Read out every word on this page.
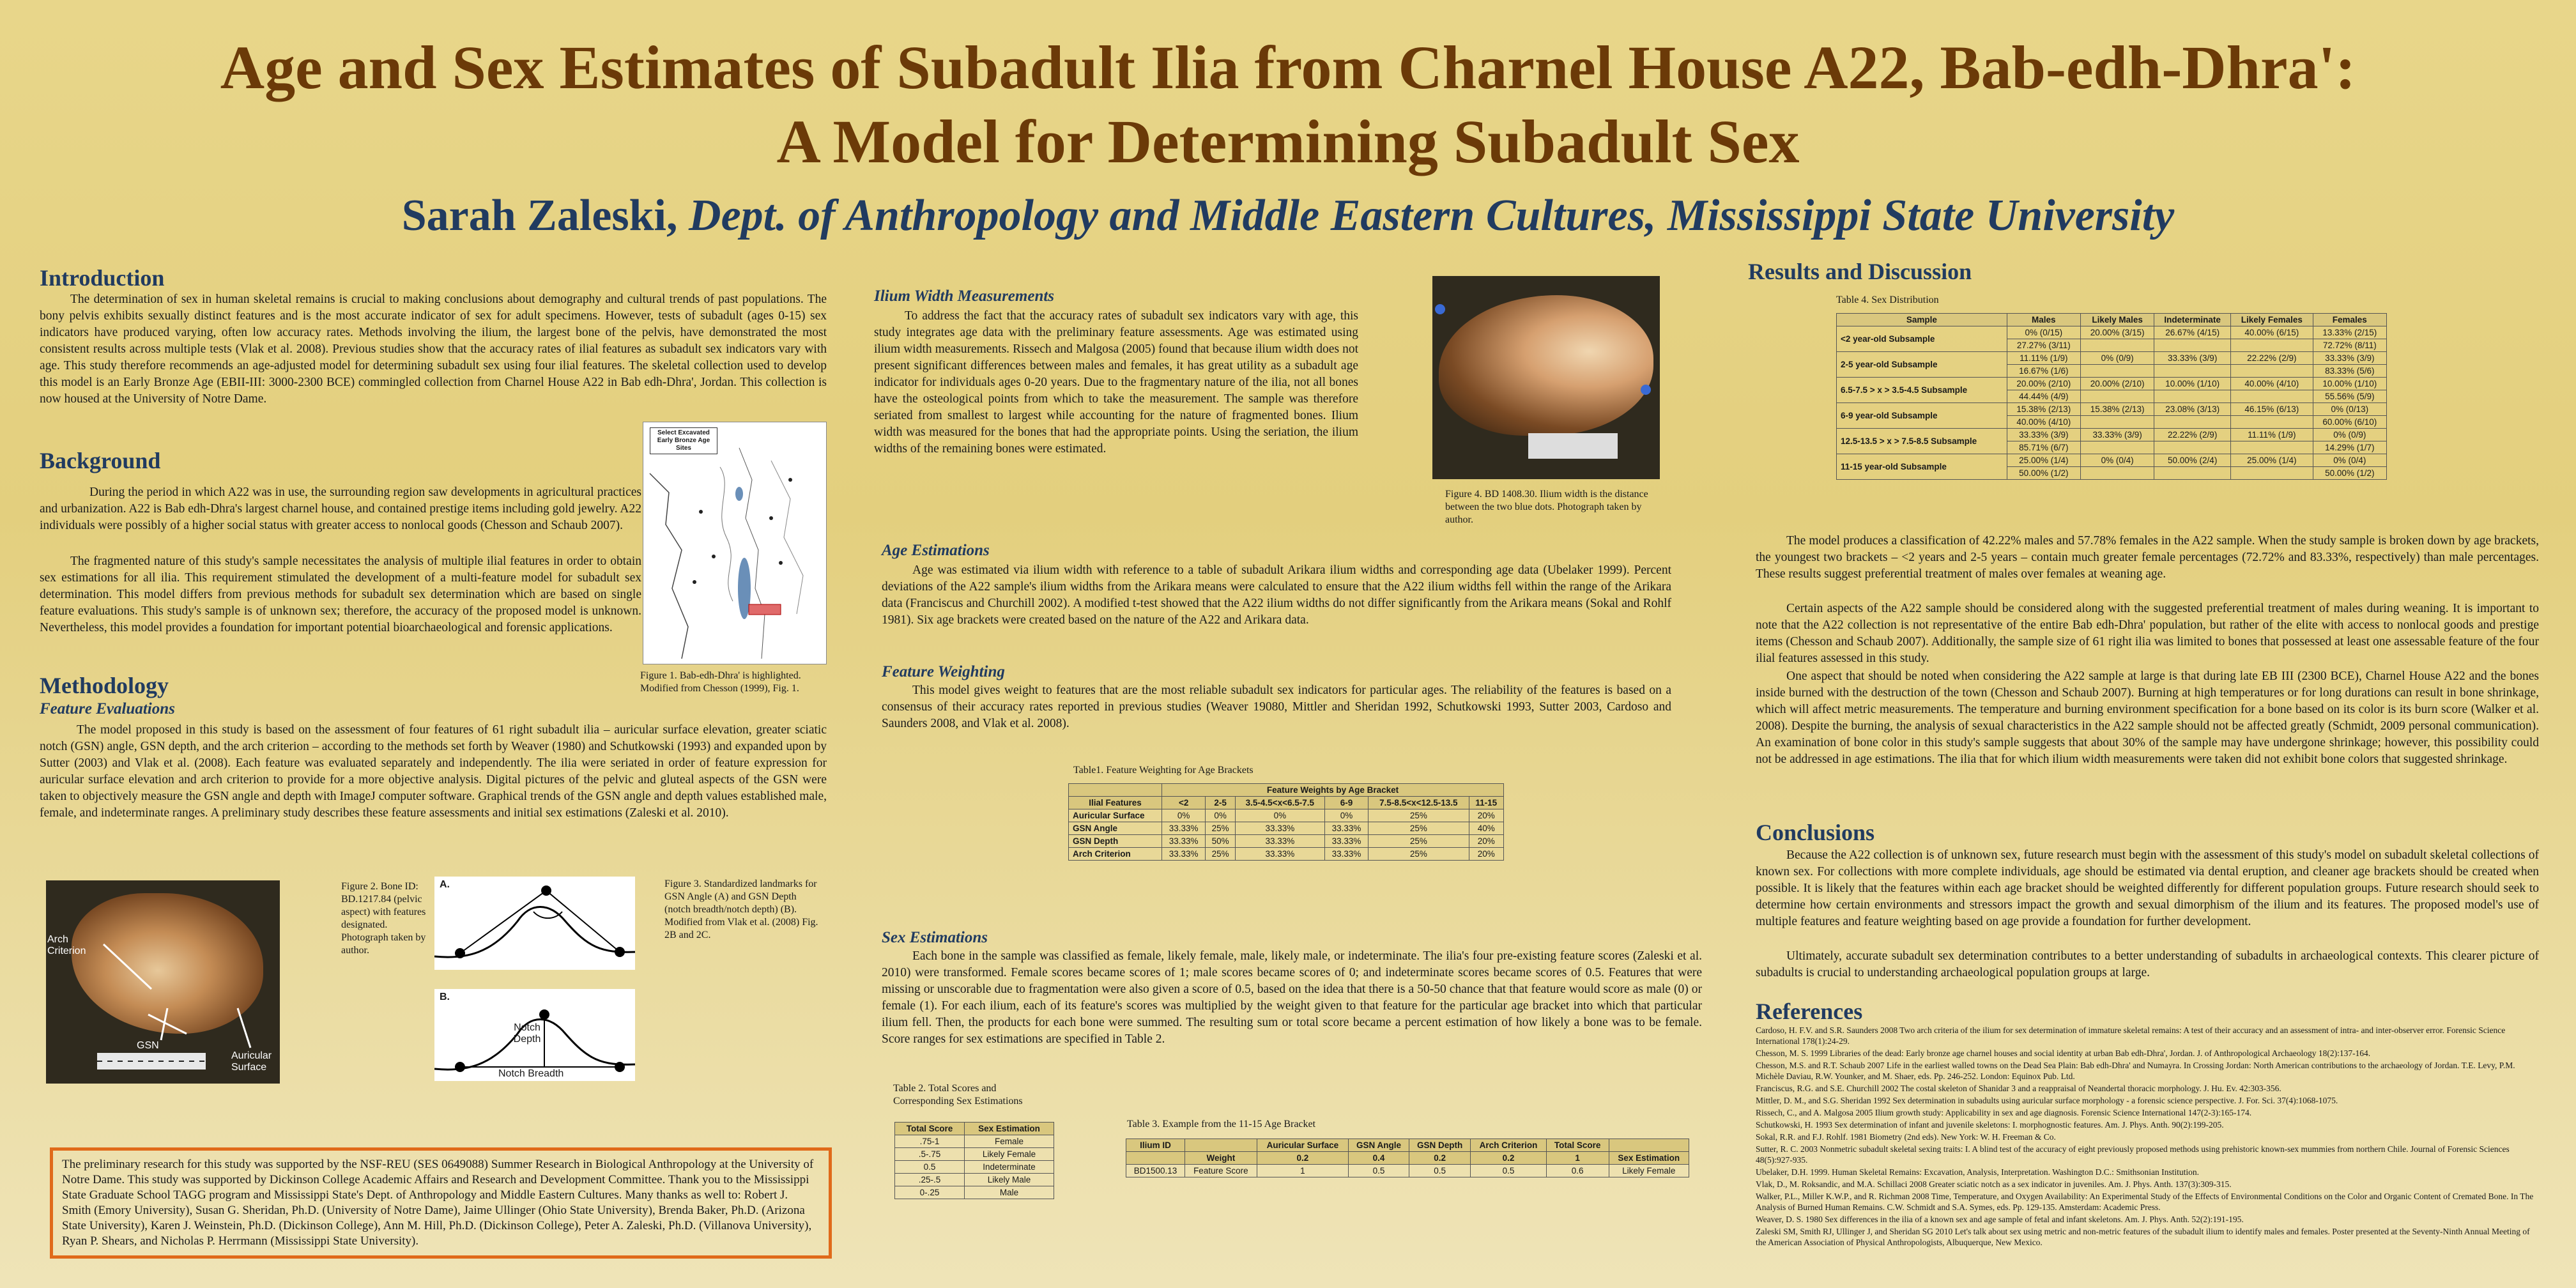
Age and Sex Estimates of Subadult Ilia from Charnel House A22, Bab-edh-Dhra':
A Model for Determining Subadult Sex
Sarah Zaleski, Dept. of Anthropology and Middle Eastern Cultures, Mississippi State University
Introduction

The determination of sex in human skeletal remains is crucial to making conclusions about demography and cultural trends of past populations. The bony pelvis exhibits sexually distinct features and is the most accurate indicator of sex for adult specimens. However, tests of subadult (ages 0-15) sex indicators have produced varying, often low accuracy rates. Methods involving the ilium, the largest bone of the pelvis, have demonstrated the most consistent results across multiple tests (Vlak et al. 2008). Previous studies show that the accuracy rates of ilial features as subadult sex indicators vary with age. This study therefore recommends an age-adjusted model for determining subadult sex using four ilial features. The skeletal collection used to develop this model is an Early Bronze Age (EBII-III: 3000-2300 BCE) commingled collection from Charnel House A22 in Bab edh-Dhra', Jordan. This collection is now housed at the University of Notre Dame.

Background

During the period in which A22 was in use, the surrounding region saw developments in agricultural practices and urbanization. A22 is Bab edh-Dhra's largest charnel house, and contained prestige items including gold jewelry. A22 individuals were possibly of a higher social status with greater access to nonlocal goods (Chesson and Schaub 2007).

The fragmented nature of this study's sample necessitates the analysis of multiple ilial features in order to obtain sex estimations for all ilia. This requirement stimulated the development of a multi-feature model for subadult sex determination. This model differs from previous methods for subadult sex determination which are based on single feature evaluations. This study's sample is of unknown sex; therefore, the accuracy of the proposed model is unknown. Nevertheless, this model provides a foundation for important potential bioarchaeological and forensic applications.

Select Excavated Early Bronze Age Sites
Figure 1. Bab-edh-Dhra' is highlighted. Modified from Chesson (1999), Fig. 1.
Methodology
Feature Evaluations

The model proposed in this study is based on the assessment of four features of 61 right subadult ilia – auricular surface elevation, greater sciatic notch (GSN) angle, GSN depth, and the arch criterion – according to the methods set forth by Weaver (1980) and Schutkowski (1993) and expanded upon by Sutter (2003) and Vlak et al. (2008). Each feature was evaluated separately and independently. The ilia were seriated in order of feature expression for auricular surface elevation and arch criterion to provide for a more objective analysis. Digital pictures of the pelvic and gluteal aspects of the GSN were taken to objectively measure the GSN angle and depth with ImageJ computer software. Graphical trends of the GSN angle and depth values established male, female, and indeterminate ranges. A preliminary study describes these feature assessments and initial sex estimations (Zaleski et al. 2010).

Arch Criterion
GSN
Auricular Surface
Figure 2. Bone ID: BD.1217.84 (pelvic aspect) with features designated. Photograph taken by author.
A.
B.
Notch Depth
Notch Breadth
Figure 3. Standardized landmarks for GSN Angle (A) and GSN Depth (notch breadth/notch depth) (B). Modified from Vlak et al. (2008) Fig. 2B and 2C.
The preliminary research for this study was supported by the NSF-REU (SES 0649088) Summer Research in Biological Anthropology at the University of Notre Dame. This study was supported by Dickinson College Academic Affairs and Research and Development Committee. Thank you to the Mississippi State Graduate School TAGG program and Mississippi State's Dept. of Anthropology and Middle Eastern Cultures. Many thanks as well to: Robert J. Smith (Emory University), Susan G. Sheridan, Ph.D. (University of Notre Dame), Jaime Ullinger (Ohio State University), Brenda Baker, Ph.D. (Arizona State University), Karen J. Weinstein, Ph.D. (Dickinson College), Ann M. Hill, Ph.D. (Dickinson College), Peter A. Zaleski, Ph.D. (Villanova University), Ryan P. Shears, and Nicholas P. Herrmann (Mississippi State University).
Ilium Width Measurements

To address the fact that the accuracy rates of subadult sex indicators vary with age, this study integrates age data with the preliminary feature assessments. Age was estimated using ilium width measurements. Rissech and Malgosa (2005) found that because ilium width does not present significant differences between males and females, it has great utility as a subadult age indicator for individuals ages 0-20 years. Due to the fragmentary nature of the ilia, not all bones have the osteological points from which to take the measurement. The sample was therefore seriated from smallest to largest while accounting for the nature of fragmented bones. Ilium width was measured for the bones that had the appropriate points. Using the seriation, the ilium widths of the remaining bones were estimated.

Figure 4. BD 1408.30. Ilium width is the distance between the two blue dots. Photograph taken by author.
Age Estimations

Age was estimated via ilium width with reference to a table of subadult Arikara ilium widths and corresponding age data (Ubelaker 1999). Percent deviations of the A22 sample's ilium widths from the Arikara means were calculated to ensure that the A22 ilium widths fell within the range of the Arikara data (Franciscus and Churchill 2002). A modified t-test showed that the A22 ilium widths do not differ significantly from the Arikara means (Sokal and Rohlf 1981). Six age brackets were created based on the nature of the A22 and Arikara data.

Feature Weighting

This model gives weight to features that are the most reliable subadult sex indicators for particular ages. The reliability of the features is based on a consensus of their accuracy rates reported in previous studies (Weaver 19080, Mittler and Sheridan 1992, Schutkowski 1993, Sutter 2003, Cardoso and Saunders 2008, and Vlak et al. 2008).

Table1. Feature Weighting for Age Brackets
	Feature Weights by Age Bracket					
Ilial Features	<2	2-5	3.5-4.5<x<6.5-7.5	6-9	7.5-8.5<x<12.5-13.5	11-15
Auricular Surface	0%	0%	0%	0%	25%	20%
GSN Angle	33.33%	25%	33.33%	33.33%	25%	40%
GSN Depth	33.33%	50%	33.33%	33.33%	25%	20%
Arch Criterion	33.33%	25%	33.33%	33.33%	25%	20%
Sex Estimations

Each bone in the sample was classified as female, likely female, male, likely male, or indeterminate. The ilia's four pre-existing feature scores (Zaleski et al. 2010) were transformed. Female scores became scores of 1; male scores became scores of 0; and indeterminate scores became scores of 0.5. Features that were missing or unscorable due to fragmentation were also given a score of 0.5, based on the idea that there is a 50-50 chance that that feature would score as male (0) or female (1). For each ilium, each of its feature's scores was multiplied by the weight given to that feature for the particular age bracket into which that particular ilium fell. Then, the products for each bone were summed. The resulting sum or total score became a percent estimation of how likely a bone was to be female. Score ranges for sex estimations are specified in Table 2.

Table 2. Total Scores and Corresponding Sex Estimations
Total Score	Sex Estimation
.75-1	Female
.5-.75	Likely Female
0.5	Indeterminate
.25-.5	Likely Male
0-.25	Male
Table 3. Example from the 11-15 Age Bracket
Ilium ID		Auricular Surface	GSN Angle	GSN Depth	Arch Criterion	Total Score	
	Weight	0.2	0.4	0.2	0.2	1	Sex Estimation
BD1500.13	Feature Score	1	0.5	0.5	0.5	0.6	Likely Female
Results and Discussion
Table 4. Sex Distribution
Sample	Males	Likely Males	Indeterminate	Likely Females	Females
<2 year-old Subsample	0% (0/15)	20.00% (3/15)	26.67% (4/15)	40.00% (6/15)	13.33% (2/15)
	27.27% (3/11)				72.72% (8/11)
2-5 year-old Subsample	11.11% (1/9)	0% (0/9)	33.33% (3/9)	22.22% (2/9)	33.33% (3/9)
	16.67% (1/6)				83.33% (5/6)
6.5-7.5 > x > 3.5-4.5 Subsample	20.00% (2/10)	20.00% (2/10)	10.00% (1/10)	40.00% (4/10)	10.00% (1/10)
	44.44% (4/9)				55.56% (5/9)
6-9 year-old Subsample	15.38% (2/13)	15.38% (2/13)	23.08% (3/13)	46.15% (6/13)	0% (0/13)
	40.00% (4/10)				60.00% (6/10)
12.5-13.5 > x > 7.5-8.5 Subsample	33.33% (3/9)	33.33% (3/9)	22.22% (2/9)	11.11% (1/9)	0% (0/9)
	85.71% (6/7)				14.29% (1/7)
11-15 year-old Subsample	25.00% (1/4)	0% (0/4)	50.00% (2/4)	25.00% (1/4)	0% (0/4)
	50.00% (1/2)				50.00% (1/2)

The model produces a classification of 42.22% males and 57.78% females in the A22 sample. When the study sample is broken down by age brackets, the youngest two brackets – <2 years and 2-5 years – contain much greater female percentages (72.72% and 83.33%, respectively) than male percentages. These results suggest preferential treatment of males over females at weaning age.

Certain aspects of the A22 sample should be considered along with the suggested preferential treatment of males during weaning. It is important to note that the A22 collection is not representative of the entire Bab edh-Dhra' population, but rather of the elite with access to nonlocal goods and prestige items (Chesson and Schaub 2007). Additionally, the sample size of 61 right ilia was limited to bones that possessed at least one assessable feature of the four ilial features assessed in this study.

One aspect that should be noted when considering the A22 sample at large is that during late EB III (2300 BCE), Charnel House A22 and the bones inside burned with the destruction of the town (Chesson and Schaub 2007). Burning at high temperatures or for long durations can result in bone shrinkage, which will affect metric measurements. The temperature and burning environment specification for a bone based on its color is its burn score (Walker et al. 2008). Despite the burning, the analysis of sexual characteristics in the A22 sample should not be affected greatly (Schmidt, 2009 personal communication). An examination of bone color in this study's sample suggests that about 30% of the sample may have undergone shrinkage; however, this possibility could not be addressed in age estimations. The ilia that for which ilium width measurements were taken did not exhibit bone colors that suggested shrinkage.

Conclusions

Because the A22 collection is of unknown sex, future research must begin with the assessment of this study's model on subadult skeletal collections of known sex. For collections with more complete individuals, age should be estimated via dental eruption, and cleaner age brackets should be created when possible. It is likely that the features within each age bracket should be weighted differently for different population groups. Future research should seek to determine how certain environments and stressors impact the growth and sexual dimorphism of the ilium and its features. The proposed model's use of multiple features and feature weighting based on age provide a foundation for further development.

Ultimately, accurate subadult sex determination contributes to a better understanding of subadults in archaeological contexts. This clearer picture of subadults is crucial to understanding archaeological population groups at large.

References

Cardoso, H. F.V. and S.R. Saunders 2008 Two arch criteria of the ilium for sex determination of immature skeletal remains: A test of their accuracy and an assessment of intra- and inter-observer error. Forensic Science International 178(1):24-29.

Chesson, M. S. 1999 Libraries of the dead: Early bronze age charnel houses and social identity at urban Bab edh-Dhra', Jordan. J. of Anthropological Archaeology 18(2):137-164.

Chesson, M.S. and R.T. Schaub 2007 Life in the earliest walled towns on the Dead Sea Plain: Bab edh-Dhra' and Numayra. In Crossing Jordan: North American contributions to the archaeology of Jordan. T.E. Levy, P.M. Michèle Daviau, R.W. Younker, and M. Shaer, eds. Pp. 246-252. London: Equinox Pub. Ltd.

Franciscus, R.G. and S.E. Churchill 2002 The costal skeleton of Shanidar 3 and a reappraisal of Neandertal thoracic morphology. J. Hu. Ev. 42:303-356.

Mittler, D. M., and S.G. Sheridan 1992 Sex determination in subadults using auricular surface morphology - a forensic science perspective. J. For. Sci. 37(4):1068-1075.

Rissech, C., and A. Malgosa 2005 Ilium growth study: Applicability in sex and age diagnosis. Forensic Science International 147(2-3):165-174.

Schutkowski, H. 1993 Sex determination of infant and juvenile skeletons: I. morphognostic features. Am. J. Phys. Anth. 90(2):199-205.

Sokal, R.R. and F.J. Rohlf. 1981 Biometry (2nd eds). New York: W. H. Freeman & Co.

Sutter, R. C. 2003 Nonmetric subadult skeletal sexing traits: I. A blind test of the accuracy of eight previously proposed methods using prehistoric known-sex mummies from northern Chile. Journal of Forensic Sciences 48(5):927-935.

Ubelaker, D.H. 1999. Human Skeletal Remains: Excavation, Analysis, Interpretation. Washington D.C.: Smithsonian Institution.

Vlak, D., M. Roksandic, and M.A. Schillaci 2008 Greater sciatic notch as a sex indicator in juveniles. Am. J. Phys. Anth. 137(3):309-315.

Walker, P.L., Miller K.W.P., and R. Richman 2008 Time, Temperature, and Oxygen Availability: An Experimental Study of the Effects of Environmental Conditions on the Color and Organic Content of Cremated Bone. In The Analysis of Burned Human Remains. C.W. Schmidt and S.A. Symes, eds. Pp. 129-135. Amsterdam: Academic Press.

Weaver, D. S. 1980 Sex differences in the ilia of a known sex and age sample of fetal and infant skeletons. Am. J. Phys. Anth. 52(2):191-195.

Zaleski SM, Smith RJ, Ullinger J, and Sheridan SG 2010 Let's talk about sex using metric and non-metric features of the subadult ilium to identify males and females. Poster presented at the Seventy-Ninth Annual Meeting of the American Association of Physical Anthropologists, Albuquerque, New Mexico.
